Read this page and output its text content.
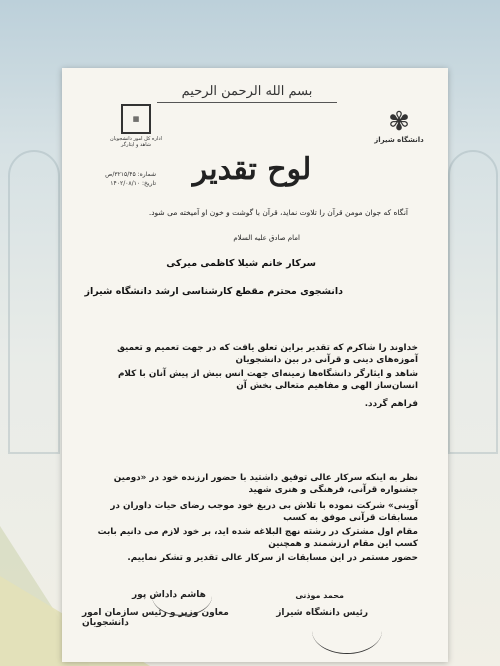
بسم الله الرحمن الرحيم
▦
اداره کل امور دانشجویان شاهد و ایثارگر
✾
دانشگاه شیراز
شماره: ۳۲۱۵/۴۵/ص
تاریخ: ۱۴۰۲/۰۸/۱۰	لوح تقدير
آنگاه که جوان مومن قرآن را تلاوت نماید، قرآن با گوشت و خون او آمیخته می شود.
امام صادق علیه السلام
سرکار خانم شیلا کاظمی میرکی
دانشجوی محترم مقطع کارشناسی ارشد دانشگاه شیراز
خداوند را شاکرم که تقدیر براین تعلق یافت که در جهت تعمیم و تعمیق آموزه‌های دینی و قرآنی در بین دانشجویان
شاهد و ایثارگر دانشگاه‌ها زمینه‌ای جهت انس بیش از پیش آنان با کلام انسان‌ساز الهی و مفاهیم متعالی بخش آن
فراهم گردد.
نظر به اینکه سرکار عالی توفیق داشتید با حضور ارزنده خود در «دومین جشنواره قرآنی، فرهنگی و هنری شهید
آوینی» شرکت نموده با تلاش بی دریغ خود موجب رضای حیات داوران در مسابقات قرآنی موفق به کسب
مقام اول مشترک در رشته نهج البلاغه شده اید، بر خود لازم می دانیم بابت کسب این مقام ارزشمند و همچنین
حضور مستمر در این مسابقات از سرکار عالی تقدیر و تشکر نماییم.
هاشم داداش پور
معاون وزیر و رئیس سازمان امور دانشجویان
محمد موذنی
رئیس دانشگاه شیراز
